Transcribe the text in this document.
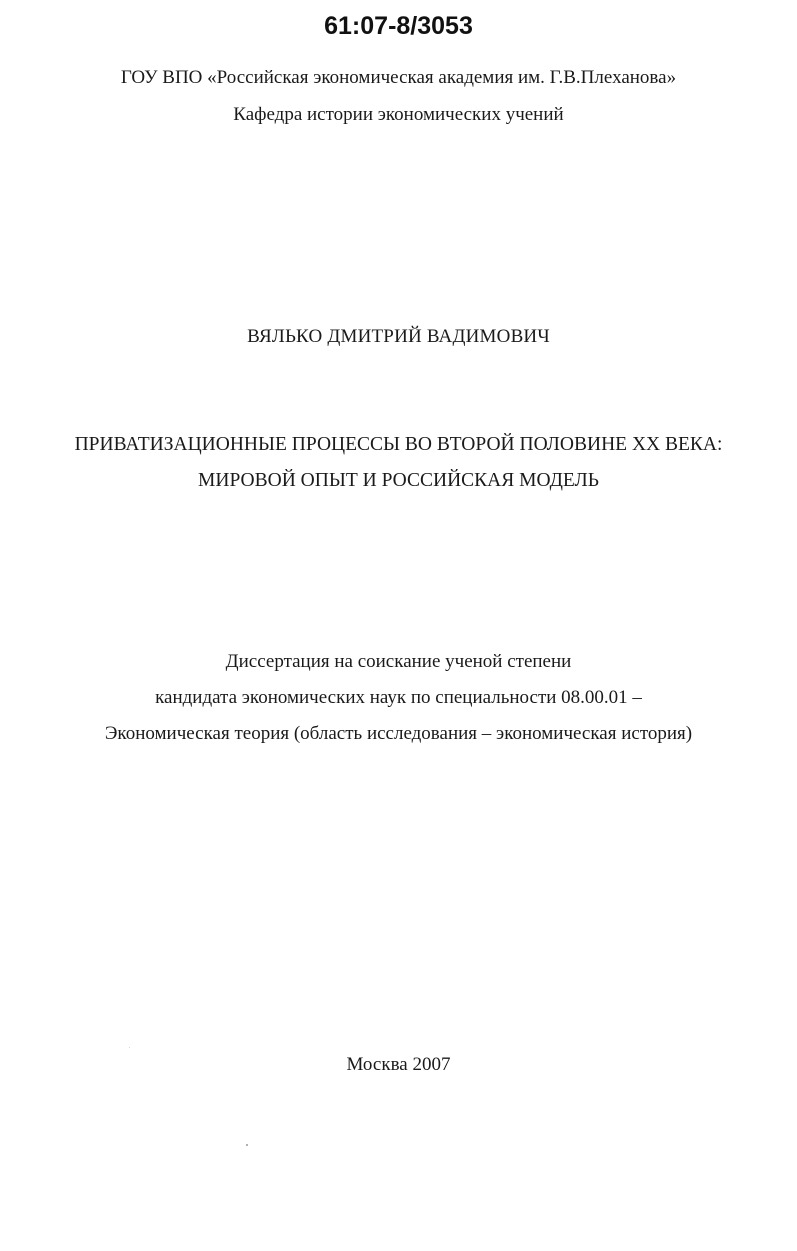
61:07-8/3053
ГОУ ВПО «Российская экономическая академия им. Г.В.Плеханова»
Кафедра истории экономических учений
ВЯЛЬКО ДМИТРИЙ ВАДИМОВИЧ
ПРИВАТИЗАЦИОННЫЕ ПРОЦЕССЫ ВО ВТОРОЙ ПОЛОВИНЕ XX ВЕКА:
МИРОВОЙ ОПЫТ И РОССИЙСКАЯ МОДЕЛЬ
Диссертация на соискание ученой степени
кандидата экономических наук по специальности 08.00.01 –
Экономическая теория (область исследования – экономическая история)
Москва 2007
